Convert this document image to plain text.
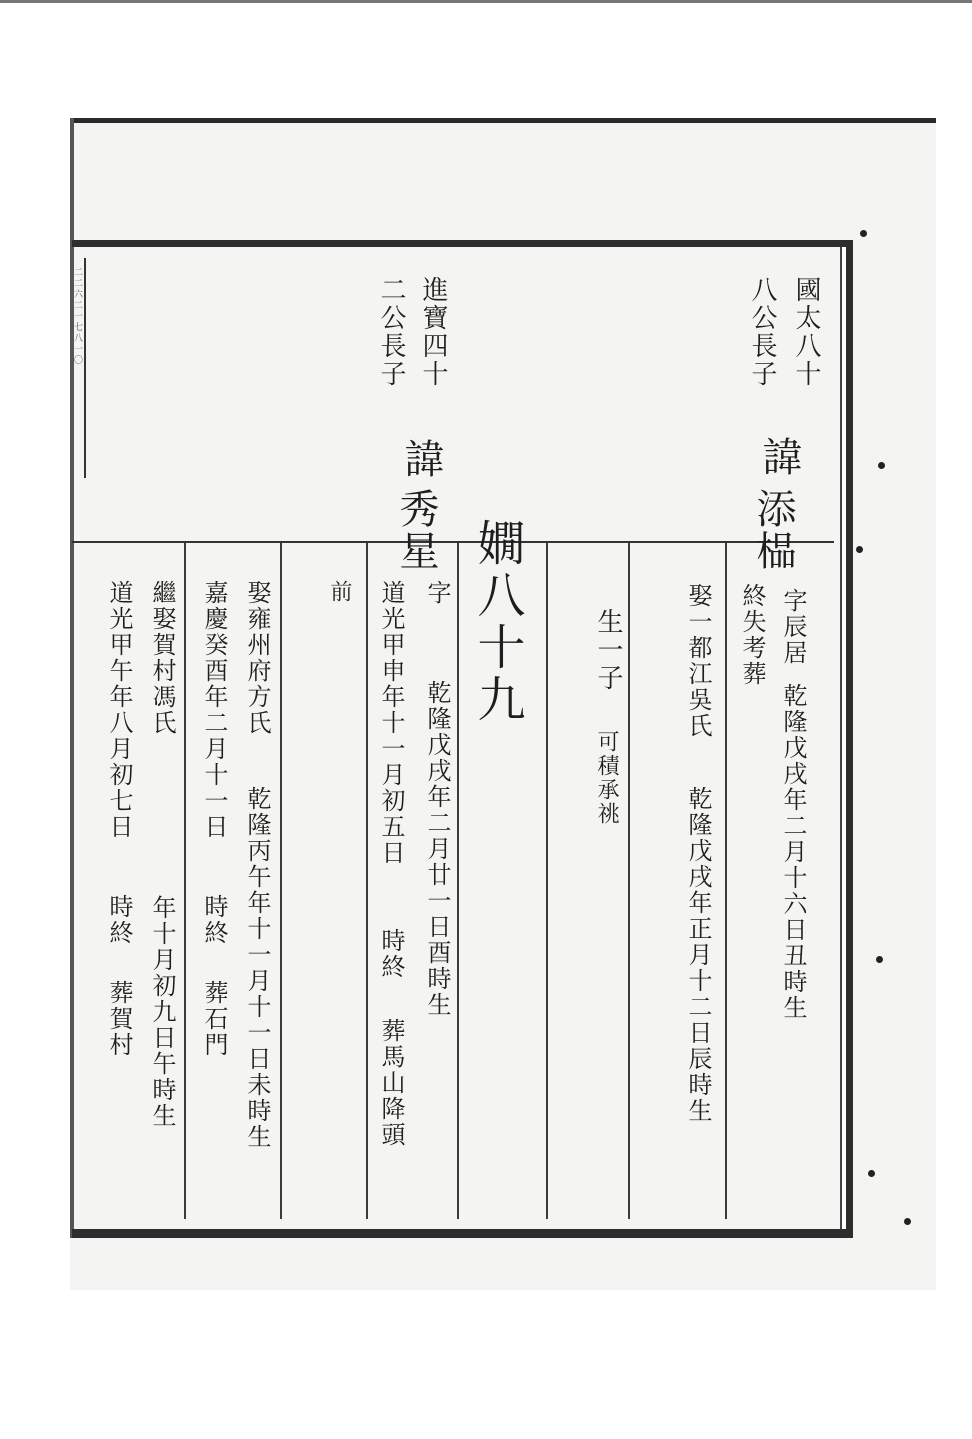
二二六二一七八一〇	國太八十
八公長子
進寶四十
二公長子
諱
添榀
字辰居
乾隆戊戌年二月十六日丑時生
終失考葬
娶一都江吳氏
乾隆戊戌年正月十二日辰時生
生一子
可積承祧
嫺八十九
諱
秀星
字
乾隆戊戌年二月廿一日酉時生
道光甲申年十一月初五日
時終
葬馬山降頭
前
娶雍州府方氏
乾隆丙午年十一月十一日未時生
嘉慶癸酉年二月十一日
時終
葬石門
繼娶賀村馮氏
年十月初九日午時生
道光甲午年八月初七日
時終
葬賀村
